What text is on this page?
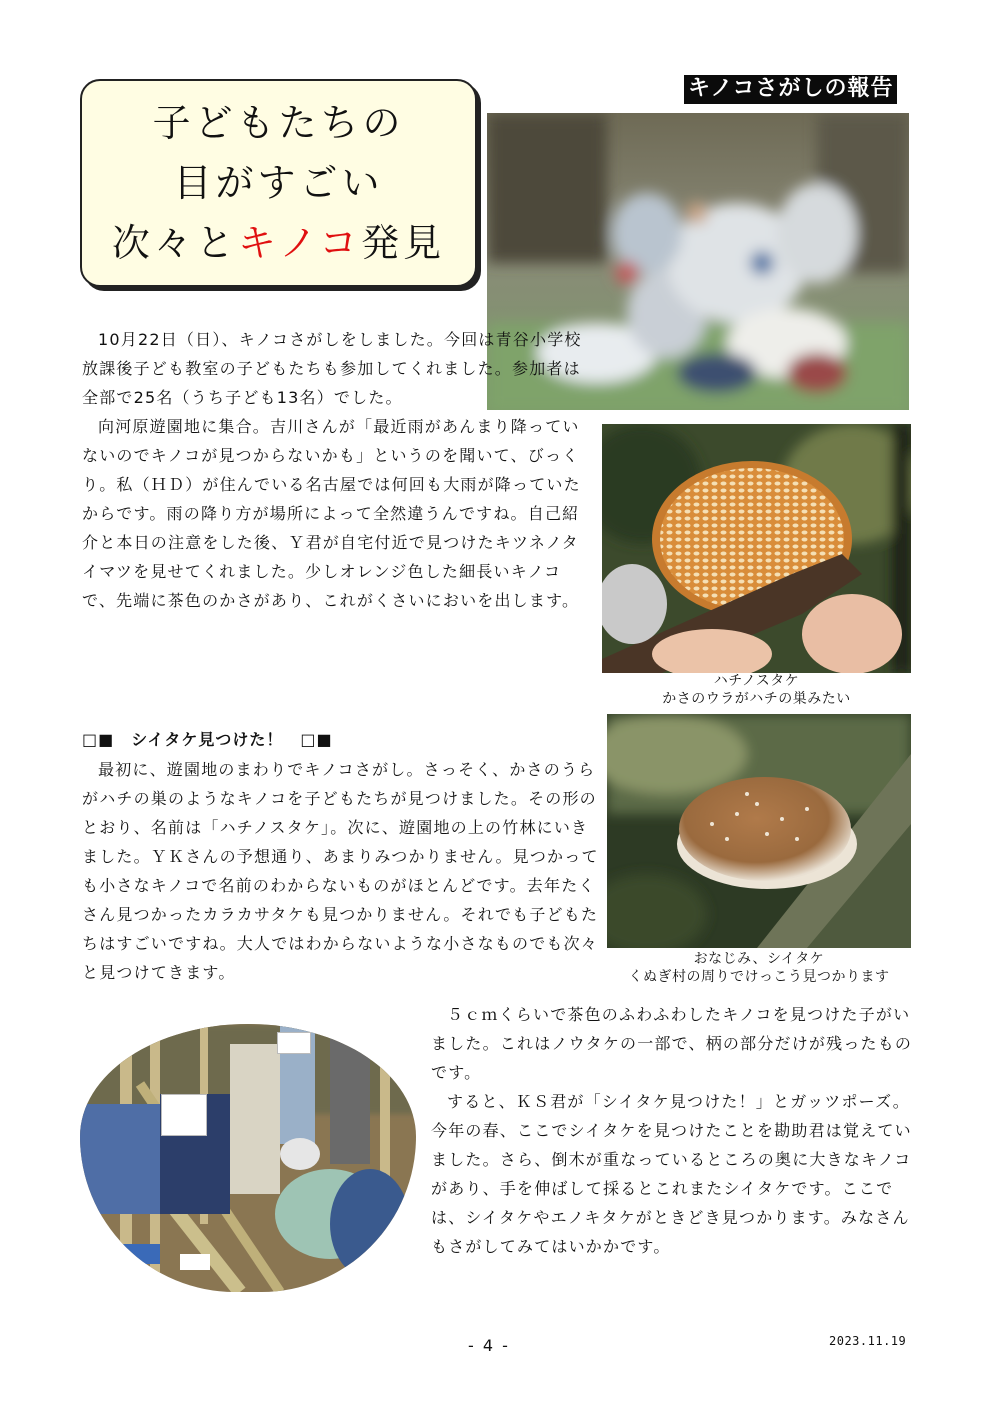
キノコさがしの報告
子どもたちの
目がすごい
次々とキノコ発見

10月22日（日）、キノコさがしをしました。今回は青谷小学校放課後子ども教室の子どもたちも参加してくれました。参加者は全部で25名（うち子ども13名）でした。

向河原遊園地に集合。吉川さんが「最近雨があんまり降っていないのでキノコが見つからないかも」というのを聞いて、びっくり。私（ＨＤ）が住んでいる名古屋では何回も大雨が降っていたからです。雨の降り方が場所によって全然違うんですね。自己紹介と本日の注意をした後、Ｙ君が自宅付近で見つけたキツネノタイマツを見せてくれました。少しオレンジ色した細長いキノコで、先端に茶色のかさがあり、これがくさいにおいを出します。

ハチノスタケ
かさのウラがハチの巣みたい
□■　シイタケ見つけた！　□■

最初に、遊園地のまわりでキノコさがし。さっそく、かさのうらがハチの巣のようなキノコを子どもたちが見つけました。その形のとおり、名前は「ハチノスタケ」。次に、遊園地の上の竹林にいきました。ＹＫさんの予想通り、あまりみつかりません。見つかっても小さなキノコで名前のわからないものがほとんどです。去年たくさん見つかったカラカサタケも見つかりません。それでも子どもたちはすごいですね。大人ではわからないような小さなものでも次々と見つけてきます。

おなじみ、シイタケ
くぬぎ村の周りでけっこう見つかります

５ｃｍくらいで茶色のふわふわしたキノコを見つけた子がいました。これはノウタケの一部で、柄の部分だけが残ったものです。

すると、ＫＳ君が「シイタケ見つけた！」とガッツポーズ。今年の春、ここでシイタケを見つけたことを勘助君は覚えていました。さら、倒木が重なっているところの奥に大きなキノコがあり、手を伸ばして採るとこれまたシイタケです。ここでは、シイタケやエノキタケがときどき見つかります。みなさんもさがしてみてはいかかです。

- 4 -	2023.11.19
